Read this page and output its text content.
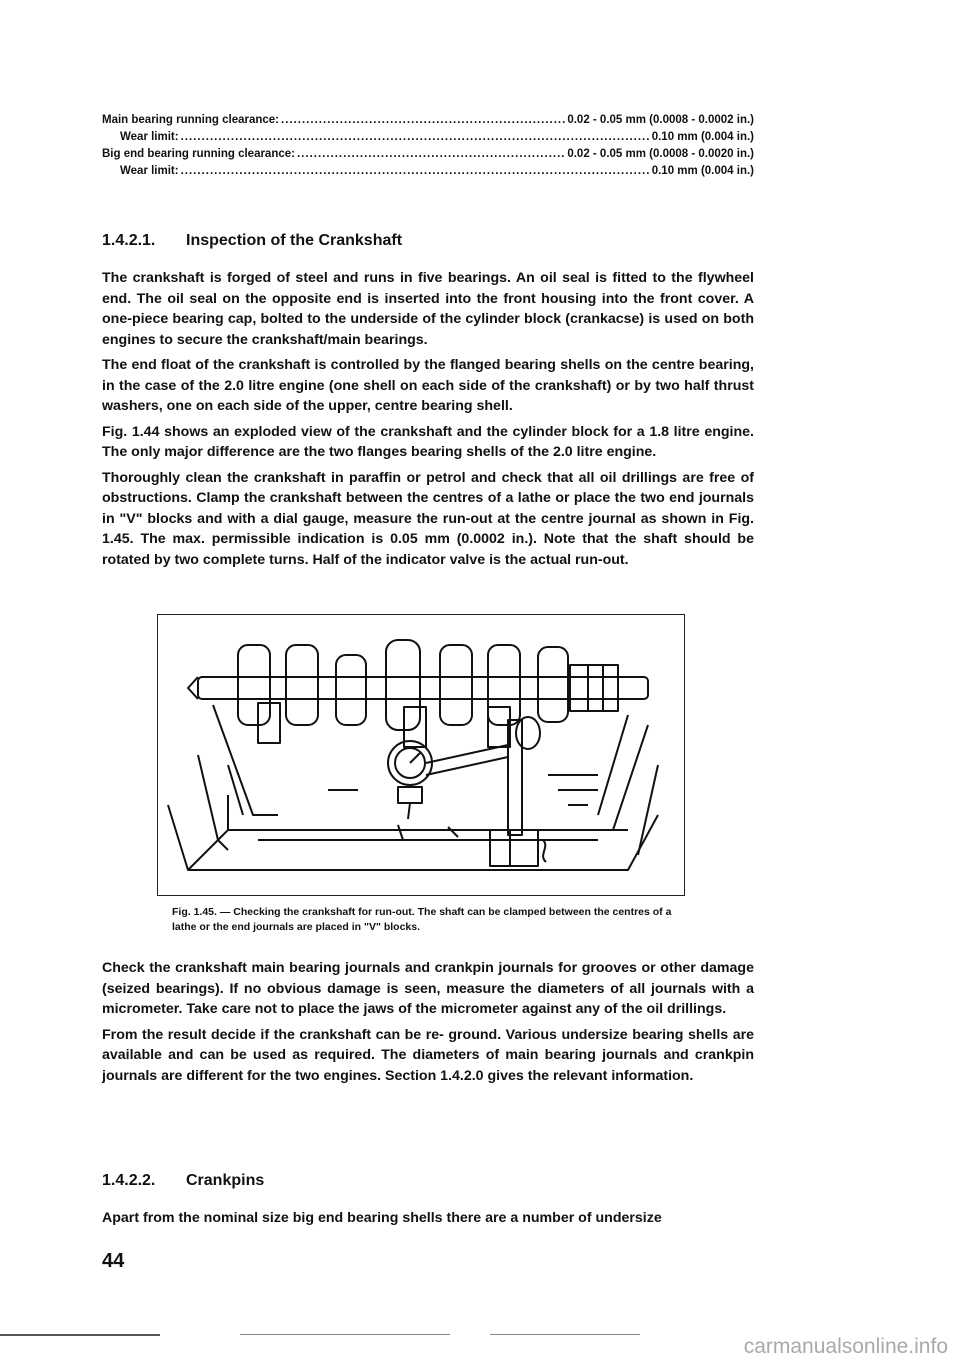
Main bearing running clearance: .....	0.02 - 0.05 mm (0.0008 - 0.0002 in.)
Wear limit: .....	0.10 mm (0.004 in.)
Big end bearing running clearance: .....	0.02 - 0.05 mm (0.0008 - 0.0020 in.)
Wear limit: .....	0.10 mm (0.004 in.)
1.4.2.1.	Inspection of the Crankshaft

The crankshaft is forged of steel and runs in five bearings. An oil seal is fitted to the flywheel end. The oil seal on the opposite end is inserted into the front housing into the front cover. A one-piece bearing cap, bolted to the underside of the cylinder block (crankacse) is used on both engines to secure the crankshaft/main bearings.

The end float of the crankshaft is controlled by the flanged bearing shells on the centre bearing, in the case of the 2.0 litre engine (one shell on each side of the crankshaft) or by two half thrust washers, one on each side of the upper, centre bearing shell.

Fig. 1.44 shows an exploded view of the crankshaft and the cylinder block for a 1.8 litre engine. The only major difference are the two flanges bearing shells of the 2.0 litre engine.

Thoroughly clean the crankshaft in paraffin or petrol and check that all oil drillings are free of obstructions. Clamp the crankshaft between the centres of a lathe or place the two end journals in "V" blocks and with a dial gauge, measure the run-out at the centre journal as shown in Fig. 1.45. The max. permissible indication is 0.05 mm (0.0002 in.). Note that the shaft should be rotated by two complete turns. Half of the indicator valve is the actual run-out.

Fig. 1.45. — Checking the crankshaft for run-out. The shaft can be clamped between the centres of a lathe or the end journals are placed in "V" blocks.

Check the crankshaft main bearing journals and crankpin journals for grooves or other damage (seized bearings). If no obvious damage is seen, measure the diameters of all journals with a micrometer. Take care not to place the jaws of the micrometer against any of the oil drillings.

From the result decide if the crankshaft can be re- ground. Various undersize bearing shells are available and can be used as required. The diameters of main bearing journals and crankpin journals are different for the two engines. Section 1.4.2.0 gives the relevant information.

1.4.2.2.	Crankpins

Apart from the nominal size big end bearing shells there are a number of undersize

44
carmanualsonline.info
